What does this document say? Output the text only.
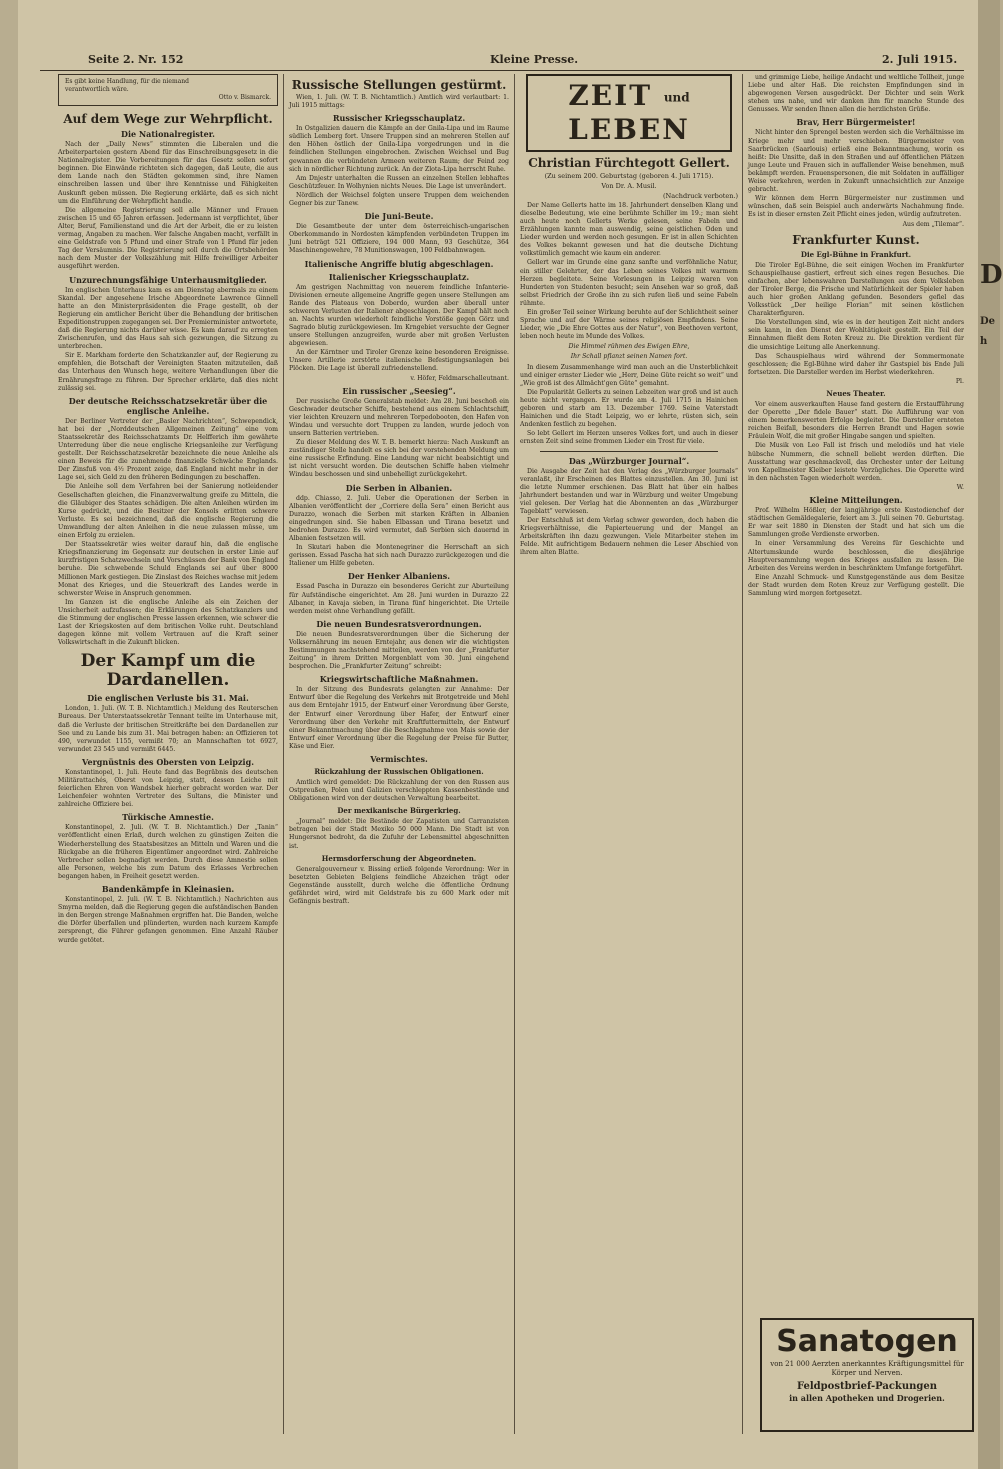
D
De
h
Seite 2. Nr. 152	Kleine Presse.	2. Juli 1915.
Es gibt keine Handlung, für die niemand
verantwortlich wäre.
Otto v. Bismarck.
Auf dem Wege zur Wehrpflicht.
Die Nationalregister.

Nach der „Daily News“ stimmten die Liberalen und die Arbeiterparteien gestern Abend für das Einschreibungsgesetz in die Nationalregister. Die Vorbereitungen für das Gesetz sollen sofort beginnen. Die Einwände richteten sich dagegen, daß Leute, die aus dem Lande nach den Städten gekommen sind, ihre Namen einschreiben lassen und über ihre Kenntnisse und Fähigkeiten Auskunft geben müssen. Die Regierung erklärte, daß es sich nicht um die Einführung der Wehrpflicht handle.

Die allgemeine Registrierung soll alle Männer und Frauen zwischen 15 und 65 Jahren erfassen. Jedermann ist verpflichtet, über Alter, Beruf, Familienstand und die Art der Arbeit, die er zu leisten vermag, Angaben zu machen. Wer falsche Angaben macht, verfällt in eine Geldstrafe von 5 Pfund und einer Strafe von 1 Pfund für jeden Tag der Versäumnis. Die Registrierung soll durch die Ortsbehörden nach dem Muster der Volkszählung mit Hilfe freiwilliger Arbeiter ausgeführt werden.

Unzurechnungsfähige Unterhausmitglieder.

Im englischen Unterhaus kam es am Dienstag abermals zu einem Skandal. Der angesehene Irische Abgeordnete Lawrence Ginnell hatte an den Ministerpräsidenten die Frage gestellt, ob der Regierung ein amtlicher Bericht über die Behandlung der britischen Expeditionstruppen zugegangen sei. Der Premierminister antwortete, daß die Regierung nichts darüber wisse. Es kam darauf zu erregten Zwischenrufen, und das Haus sah sich gezwungen, die Sitzung zu unterbrechen.

Sir E. Markham forderte den Schatzkanzler auf, der Regierung zu empfehlen, die Botschaft der Vereinigten Staaten mitzuteilen, daß das Unterhaus den Wunsch hege, weitere Verhandlungen über die Ernährungsfrage zu führen. Der Sprecher erklärte, daß dies nicht zulässig sei.

Der deutsche Reichsschatzsekretär über die englische Anleihe.

Der Berliner Vertreter der „Basler Nachrichten“, Schwependick, hat bei der „Norddeutschen Allgemeinen Zeitung“ eine vom Staatssekretär des Reichsschatzamts Dr. Helfferich ihm gewährte Unterredung über die neue englische Kriegsanleihe zur Verfügung gestellt. Der Reichsschatzsekretär bezeichnete die neue Anleihe als einen Beweis für die zunehmende finanzielle Schwäche Englands. Der Zinsfuß von 4½ Prozent zeige, daß England nicht mehr in der Lage sei, sich Geld zu den früheren Bedingungen zu beschaffen.

Die Anleihe soll dem Verfahren bei der Sanierung notleidender Gesellschaften gleichen, die Finanzverwaltung greife zu Mitteln, die die Gläubiger des Staates schädigen. Die alten Anleihen würden im Kurse gedrückt, und die Besitzer der Konsols erlitten schwere Verluste. Es sei bezeichnend, daß die englische Regierung die Umwandlung der alten Anleihen in die neue zulassen müsse, um einen Erfolg zu erzielen.

Der Staatssekretär wies weiter darauf hin, daß die englische Kriegsfinanzierung im Gegensatz zur deutschen in erster Linie auf kurzfristigen Schatzwechseln und Vorschüssen der Bank von England beruhe. Die schwebende Schuld Englands sei auf über 8000 Millionen Mark gestiegen. Die Zinslast des Reiches wachse mit jedem Monat des Krieges, und die Steuerkraft des Landes werde in schwerster Weise in Anspruch genommen.

Im Ganzen ist die englische Anleihe als ein Zeichen der Unsicherheit aufzufassen; die Erklärungen des Schatzkanzlers und die Stimmung der englischen Presse lassen erkennen, wie schwer die Last der Kriegskosten auf dem britischen Volke ruht. Deutschland dagegen könne mit vollem Vertrauen auf die Kraft seiner Volkswirtschaft in die Zukunft blicken.

Der Kampf um die Dardanellen.
Die englischen Verluste bis 31. Mai.

London, 1. Juli. (W. T. B. Nichtamtlich.) Meldung des Reuterschen Bureaus. Der Unterstaatssekretär Tennant teilte im Unterhause mit, daß die Verluste der britischen Streitkräfte bei den Dardanellen zur See und zu Lande bis zum 31. Mai betragen haben: an Offizieren tot 490, verwundet 1155, vermißt 70; an Mannschaften tot 6927, verwundet 23 545 und vermißt 6445.

Vergnüstnis des Obersten von Leipzig.

Konstantinopel, 1. Juli. Heute fand das Begräbnis des deutschen Militärattachés, Oberst von Leipzig, statt, dessen Leiche mit feierlichen Ehren von Wandsbek hierher gebracht worden war. Der Leichenfeier wohnten Vertreter des Sultans, die Minister und zahlreiche Offiziere bei.

Türkische Amnestie.

Konstantinopel, 2. Juli. (W. T. B. Nichtamtlich.) Der „Tanin“ veröffentlicht einen Erlaß, durch welchen zu günstigen Zeiten die Wiederherstellung des Staatsbesitzes an Mitteln und Waren und die Rückgabe an die früheren Eigentümer angeordnet wird. Zahlreiche Verbrecher sollen begnadigt werden. Durch diese Amnestie sollen alle Personen, welche bis zum Datum des Erlasses Verbrechen begangen haben, in Freiheit gesetzt werden.

Bandenkämpfe in Kleinasien.

Konstantinopel, 2. Juli. (W. T. B. Nichtamtlich.) Nachrichten aus Smyrna melden, daß die Regierung gegen die aufständischen Banden in den Bergen strenge Maßnahmen ergriffen hat. Die Banden, welche die Dörfer überfallen und plünderten, wurden nach kurzem Kampfe zersprengt, die Führer gefangen genommen. Eine Anzahl Räuber wurde getötet.

Russische Stellungen gestürmt.

Wien, 1. Juli. (W. T. B. Nichtamtlich.) Amtlich wird verlautbart: 1. Juli 1915 mittags:

Russischer Kriegsschauplatz.

In Ostgalizien dauern die Kämpfe an der Gnila-Lipa und im Raume südlich Lemberg fort. Unsere Truppen sind an mehreren Stellen auf den Höhen östlich der Gnila-Lipa vorgedrungen und in die feindlichen Stellungen eingebrochen. Zwischen Weichsel und Bug gewannen die verbündeten Armeen weiteren Raum; der Feind zog sich in nördlicher Richtung zurück. An der Zlota-Lipa herrscht Ruhe.

Am Dnjestr unterhalten die Russen an einzelnen Stellen lebhaftes Geschützfeuer. In Wolhynien nichts Neues. Die Lage ist unverändert.

Nördlich der Weichsel folgten unsere Truppen dem weichenden Gegner bis zur Tanew.

Die Juni-Beute.

Die Gesamtbeute der unter dem österreichisch-ungarischen Oberkommando in Nordosten kämpfenden verbündeten Truppen im Juni beträgt 521 Offiziere, 194 000 Mann, 93 Geschütze, 364 Maschinengewehre, 78 Munitionswagen, 100 Feldbahnwagen.

Italienische Angriffe blutig abgeschlagen.
Italienischer Kriegsschauplatz.

Am gestrigen Nachmittag von neuerem feindliche Infanterie-Divisionen erneute allgemeine Angriffe gegen unsere Stellungen am Rande des Plateaus von Doberdo, wurden aber überall unter schweren Verlusten der Italiener abgeschlagen. Der Kampf hält noch an. Nachts wurden wiederholt feindliche Vorstöße gegen Görz und Sagrado blutig zurückgewiesen. Im Krngebiet versuchte der Gegner unsere Stellungen anzugreifen, wurde aber mit großen Verlusten abgewiesen.

An der Kärntner und Tiroler Grenze keine besonderen Ereignisse. Unsere Artillerie zerstörte italienische Befestigungsanlagen bei Plöcken. Die Lage ist überall zufriedenstellend.

v. Höfer, Feldmarschalleutnant.

Ein russischer „Seesieg“.

Der russische Große Generalstab meldet: Am 28. Juni beschoß ein Geschwader deutscher Schiffe, bestehend aus einem Schlachtschiff, vier leichten Kreuzern und mehreren Torpedobooten, den Hafen von Windau und versuchte dort Truppen zu landen, wurde jedoch von unsern Batterien vertrieben.

Zu dieser Meldung des W. T. B. bemerkt hierzu: Nach Auskunft an zuständiger Stelle handelt es sich bei der vorstehenden Meldung um eine russische Erfindung. Eine Landung war nicht beabsichtigt und ist nicht versucht worden. Die deutschen Schiffe haben vielmehr Windau beschossen und sind unbehelligt zurückgekehrt.

Die Serben in Albanien.

ddp. Chiasso, 2. Juli. Ueber die Operationen der Serben in Albanien veröffentlicht der „Corriere della Sera“ einen Bericht aus Durazzo, wonach die Serben mit starken Kräften in Albanien eingedrungen sind. Sie haben Elbassan und Tirana besetzt und bedrohen Durazzo. Es wird vermutet, daß Serbien sich dauernd in Albanien festsetzen will.

In Skutari haben die Montenegriner die Herrschaft an sich gerissen. Essad Pascha hat sich nach Durazzo zurückgezogen und die Italiener um Hilfe gebeten.

Der Henker Albaniens.

Essad Pascha in Durazzo ein besonderes Gericht zur Aburteilung für Aufständische eingerichtet. Am 28. Juni wurden in Durazzo 22 Albaner, in Kavaja sieben, in Tirana fünf hingerichtet. Die Urteile werden meist ohne Verhandlung gefällt.

Die neuen Bundesratsverordnungen.

Die neuen Bundesratsverordnungen über die Sicherung der Volksernährung im neuen Erntejahr, aus denen wir die wichtigsten Bestimmungen nachstehend mitteilen, werden von der „Frankfurter Zeitung“ in ihrem Dritten Morgenblatt vom 30. Juni eingehend besprochen. Die „Frankfurter Zeitung“ schreibt:

Kriegswirtschaftliche Maßnahmen.

In der Sitzung des Bundesrats gelangten zur Annahme: Der Entwurf über die Regelung des Verkehrs mit Brotgetreide und Mehl aus dem Erntejahr 1915, der Entwurf einer Verordnung über Gerste, der Entwurf einer Verordnung über Hafer, der Entwurf einer Verordnung über den Verkehr mit Kraftfuttermitteln, der Entwurf einer Bekanntmachung über die Beschlagnahme von Mais sowie der Entwurf einer Verordnung über die Regelung der Preise für Butter, Käse und Eier.

Vermischtes.
Rückzahlung der Russischen Obligationen.

Amtlich wird gemeldet: Die Rückzahlung der von den Russen aus Ostpreußen, Polen und Galizien verschleppten Kassenbestände und Obligationen wird von der deutschen Verwaltung bearbeitet.

Der mexikanische Bürgerkrieg.

„Journal“ meldet: Die Bestände der Zapatisten und Carranzisten betragen bei der Stadt Mexiko 50 000 Mann. Die Stadt ist von Hungersnot bedroht, da die Zufuhr der Lebensmittel abgeschnitten ist.

Hermsdorferschung der Abgeordneten.

Generalgouverneur v. Bissing erließ folgende Verordnung: Wer in besetzten Gebieten Belgiens feindliche Abzeichen trägt oder Gegenstände ausstellt, durch welche die öffentliche Ordnung gefährdet wird, wird mit Geldstrafe bis zu 600 Mark oder mit Gefängnis bestraft.

ZEIT und LEBEN
Christian Fürchtegott Gellert.
(Zu seinem 200. Geburtstag (geboren 4. Juli 1715).
Von Dr. A. Musil.
(Nachdruck verboten.)

Der Name Gellerts hatte im 18. Jahrhundert denselben Klang und dieselbe Bedeutung, wie eine berühmte Schiller im 19.; man sieht auch heute noch Gellerts Werke gelesen, seine Fabeln und Erzählungen kannte man auswendig, seine geistlichen Oden und Lieder wurden und werden noch gesungen. Er ist in allen Schichten des Volkes bekannt gewesen und hat die deutsche Dichtung volkstümlich gemacht wie kaum ein anderer.

Gellert war im Grunde eine ganz sanfte und verföhnliche Natur, ein stiller Gelehrter, der das Leben seines Volkes mit warmem Herzen begleitete. Seine Vorlesungen in Leipzig waren von Hunderten von Studenten besucht; sein Ansehen war so groß, daß selbst Friedrich der Große ihn zu sich rufen ließ und seine Fabeln rühmte.

Ein großer Teil seiner Wirkung beruhte auf der Schlichtheit seiner Sprache und auf der Wärme seines religiösen Empfindens. Seine Lieder, wie „Die Ehre Gottes aus der Natur“, von Beethoven vertont, leben noch heute im Munde des Volkes.

Die Himmel rühmen des Ewigen Ehre,
Ihr Schall pflanzt seinen Namen fort.

In diesem Zusammenhange wird man auch an die Unsterblichkeit und einiger ernster Lieder wie „Herr, Deine Güte reicht so weit“ und „Wie groß ist des Allmächt'gen Güte“ gemahnt.

Die Popularität Gellerts zu seinen Lebzeiten war groß und ist auch heute nicht vergangen. Er wurde am 4. Juli 1715 in Hainichen geboren und starb am 13. Dezember 1769. Seine Vaterstadt Hainichen und die Stadt Leipzig, wo er lehrte, rüsten sich, sein Andenken festlich zu begehen.

So lebt Gellert im Herzen unseres Volkes fort, und auch in dieser ernsten Zeit sind seine frommen Lieder ein Trost für viele.

Das „Würzburger Journal“.

Die Ausgabe der Zeit hat den Verlag des „Würzburger Journals“ veranlaßt, ihr Erscheinen des Blattes einzustellen. Am 30. Juni ist die letzte Nummer erschienen. Das Blatt hat über ein halbes Jahrhundert bestanden und war in Würzburg und weiter Umgebung viel gelesen. Der Verlag hat die Abonnenten an das „Würzburger Tageblatt“ verwiesen.

Der Entschluß ist dem Verlag schwer geworden, doch haben die Kriegsverhältnisse, die Papierteuerung und der Mangel an Arbeitskräften ihn dazu gezwungen. Viele Mitarbeiter stehen im Felde. Mit aufrichtigem Bedauern nehmen die Leser Abschied von ihrem alten Blatte.

und grimmige Liebe, heilige Andacht und weltliche Tollheit, junge Liebe und alter Haß. Die reichsten Empfindungen sind in abgewogenen Versen ausgedrückt. Der Dichter und sein Werk stehen uns nahe, und wir danken ihm für manche Stunde des Genusses. Wir senden Ihnen allen die herzlichsten Grüße.

Brav, Herr Bürgermeister!

Nicht hinter den Sprengel besten werden sich die Verhältnisse im Kriege mehr und mehr verschieben. Bürgermeister von Saarbrücken (Saarlouis) erließ eine Bekanntmachung, worin es heißt: Die Unsitte, daß in den Straßen und auf öffentlichen Plätzen junge Leute und Frauen sich in auffallender Weise benehmen, muß bekämpft werden. Frauenspersonen, die mit Soldaten in auffälliger Weise verkehren, werden in Zukunft unnachsichtlich zur Anzeige gebracht.

Wir können dem Herrn Bürgermeister nur zustimmen und wünschen, daß sein Beispiel auch anderwärts Nachahmung finde. Es ist in dieser ernsten Zeit Pflicht eines jeden, würdig aufzutreten.

Aus dem „Tilemar“.

Frankfurter Kunst.
Die Egl-Bühne in Frankfurt.

Die Tiroler Egl-Bühne, die seit einigen Wochen im Frankfurter Schauspielhause gastiert, erfreut sich eines regen Besuches. Die einfachen, aber lebenswahren Darstellungen aus dem Volksleben der Tiroler Berge, die Frische und Natürlichkeit der Spieler haben auch hier großen Anklang gefunden. Besonders gefiel das Volksstück „Der heilige Florian“ mit seinen köstlichen Charakterfiguren.

Die Vorstellungen sind, wie es in der heutigen Zeit nicht anders sein kann, in den Dienst der Wohltätigkeit gestellt. Ein Teil der Einnahmen fließt dem Roten Kreuz zu. Die Direktion verdient für die umsichtige Leitung alle Anerkennung.

Das Schauspielhaus wird während der Sommermonate geschlossen; die Egl-Bühne wird daher ihr Gastspiel bis Ende Juli fortsetzen. Die Darsteller werden im Herbst wiederkehren.

Pl.

Neues Theater.

Vor einem ausverkauften Hause fand gestern die Erstaufführung der Operette „Der fidele Bauer“ statt. Die Aufführung war von einem bemerkenswerten Erfolge begleitet. Die Darsteller ernteten reichen Beifall, besonders die Herren Brandt und Hagen sowie Fräulein Wolf, die mit großer Hingabe sangen und spielten.

Die Musik von Leo Fall ist frisch und melodiös und hat viele hübsche Nummern, die schnell beliebt werden dürften. Die Ausstattung war geschmackvoll, das Orchester unter der Leitung von Kapellmeister Kleiber leistete Vorzügliches. Die Operette wird in den nächsten Tagen wiederholt werden.

W.

Kleine Mitteilungen.

Prof. Wilhelm Hößler, der langjährige erste Kustodienchef der städtischen Gemäldegalerie, feiert am 3. Juli seinen 70. Geburtstag. Er war seit 1880 in Diensten der Stadt und hat sich um die Sammlungen große Verdienste erworben.

In einer Versammlung des Vereins für Geschichte und Altertumskunde wurde beschlossen, die diesjährige Hauptversammlung wegen des Krieges ausfallen zu lassen. Die Arbeiten des Vereins werden in beschränktem Umfange fortgeführt.

Eine Anzahl Schmuck- und Kunstgegenstände aus dem Besitze der Stadt wurden dem Roten Kreuz zur Verfügung gestellt. Die Sammlung wird morgen fortgesetzt.

Sanatogen
von 21 000 Aerzten anerkanntes Kräftigungsmittel für Körper und Nerven.
Feldpostbrief-Packungen
in allen Apotheken und Drogerien.
